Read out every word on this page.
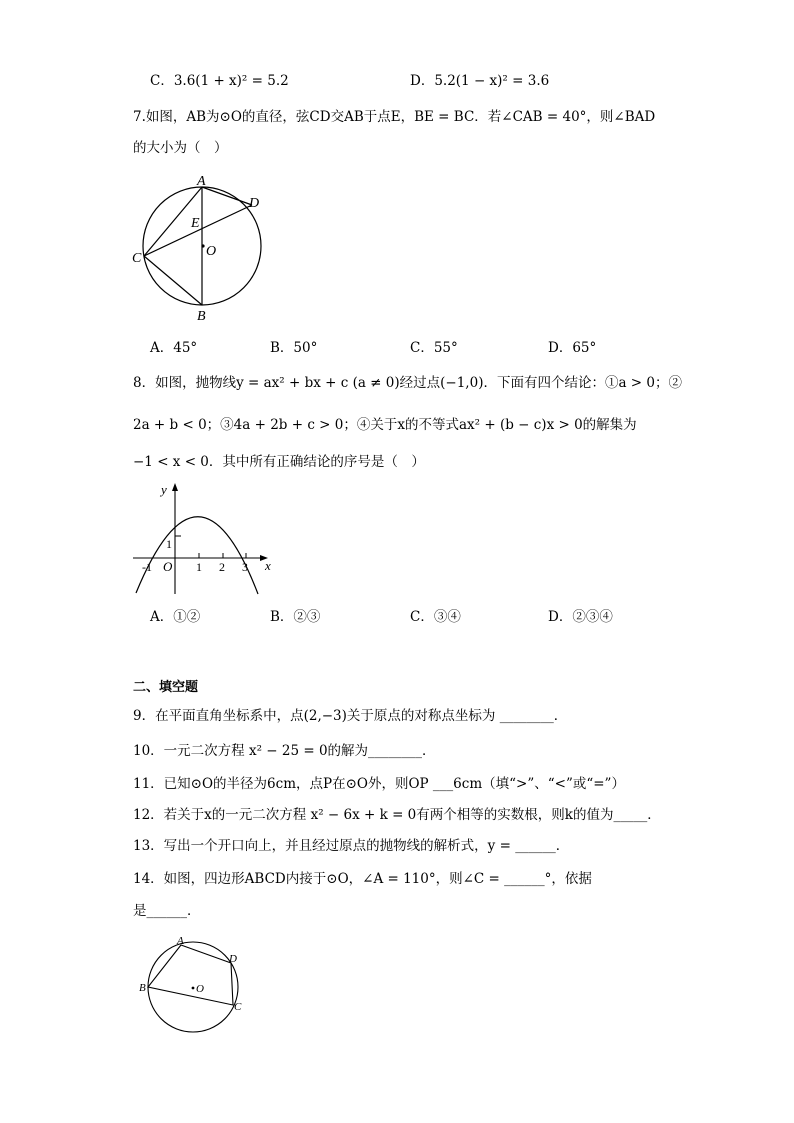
C．3.6(1 + x)² = 5.2	D．5.2(1 − x)² = 3.6
7.如图，AB为⊙O的直径，弦CD交AB于点E，BE = BC．若∠CAB = 40°，则∠BAD
的大小为（　）
A
B
C
D
E
O
A．45°	B．50°	C．55°	D．65°
8．如图，抛物线y = ax² + bx + c (a ≠ 0)经过点(−1,0)．下面有四个结论：①a > 0；②
2a + b < 0；③4a + 2b + c > 0；④关于x的不等式ax² + (b − c)x > 0的解集为
−1 < x < 0．其中所有正确结论的序号是（　）
y
x
O
-1	1 2 3
1
A．①②	B．②③	C．③④	D．②③④
二、填空题
9．在平面直角坐标系中，点(2,−3)关于原点的对称点坐标为 ________．
10．一元二次方程 x² − 25 = 0的解为________．
11．已知⊙O的半径为6cm，点P在⊙O外，则OP ___6cm（填“>”、“<”或“=”）
12．若关于x的一元二次方程 x² − 6x + k = 0有两个相等的实数根，则k的值为_____．
13．写出一个开口向上，并且经过原点的抛物线的解析式，y = ______．
14．如图，四边形ABCD内接于⊙O，∠A = 110°，则∠C = ______°，依据
是______．
A
B
C
D
O
